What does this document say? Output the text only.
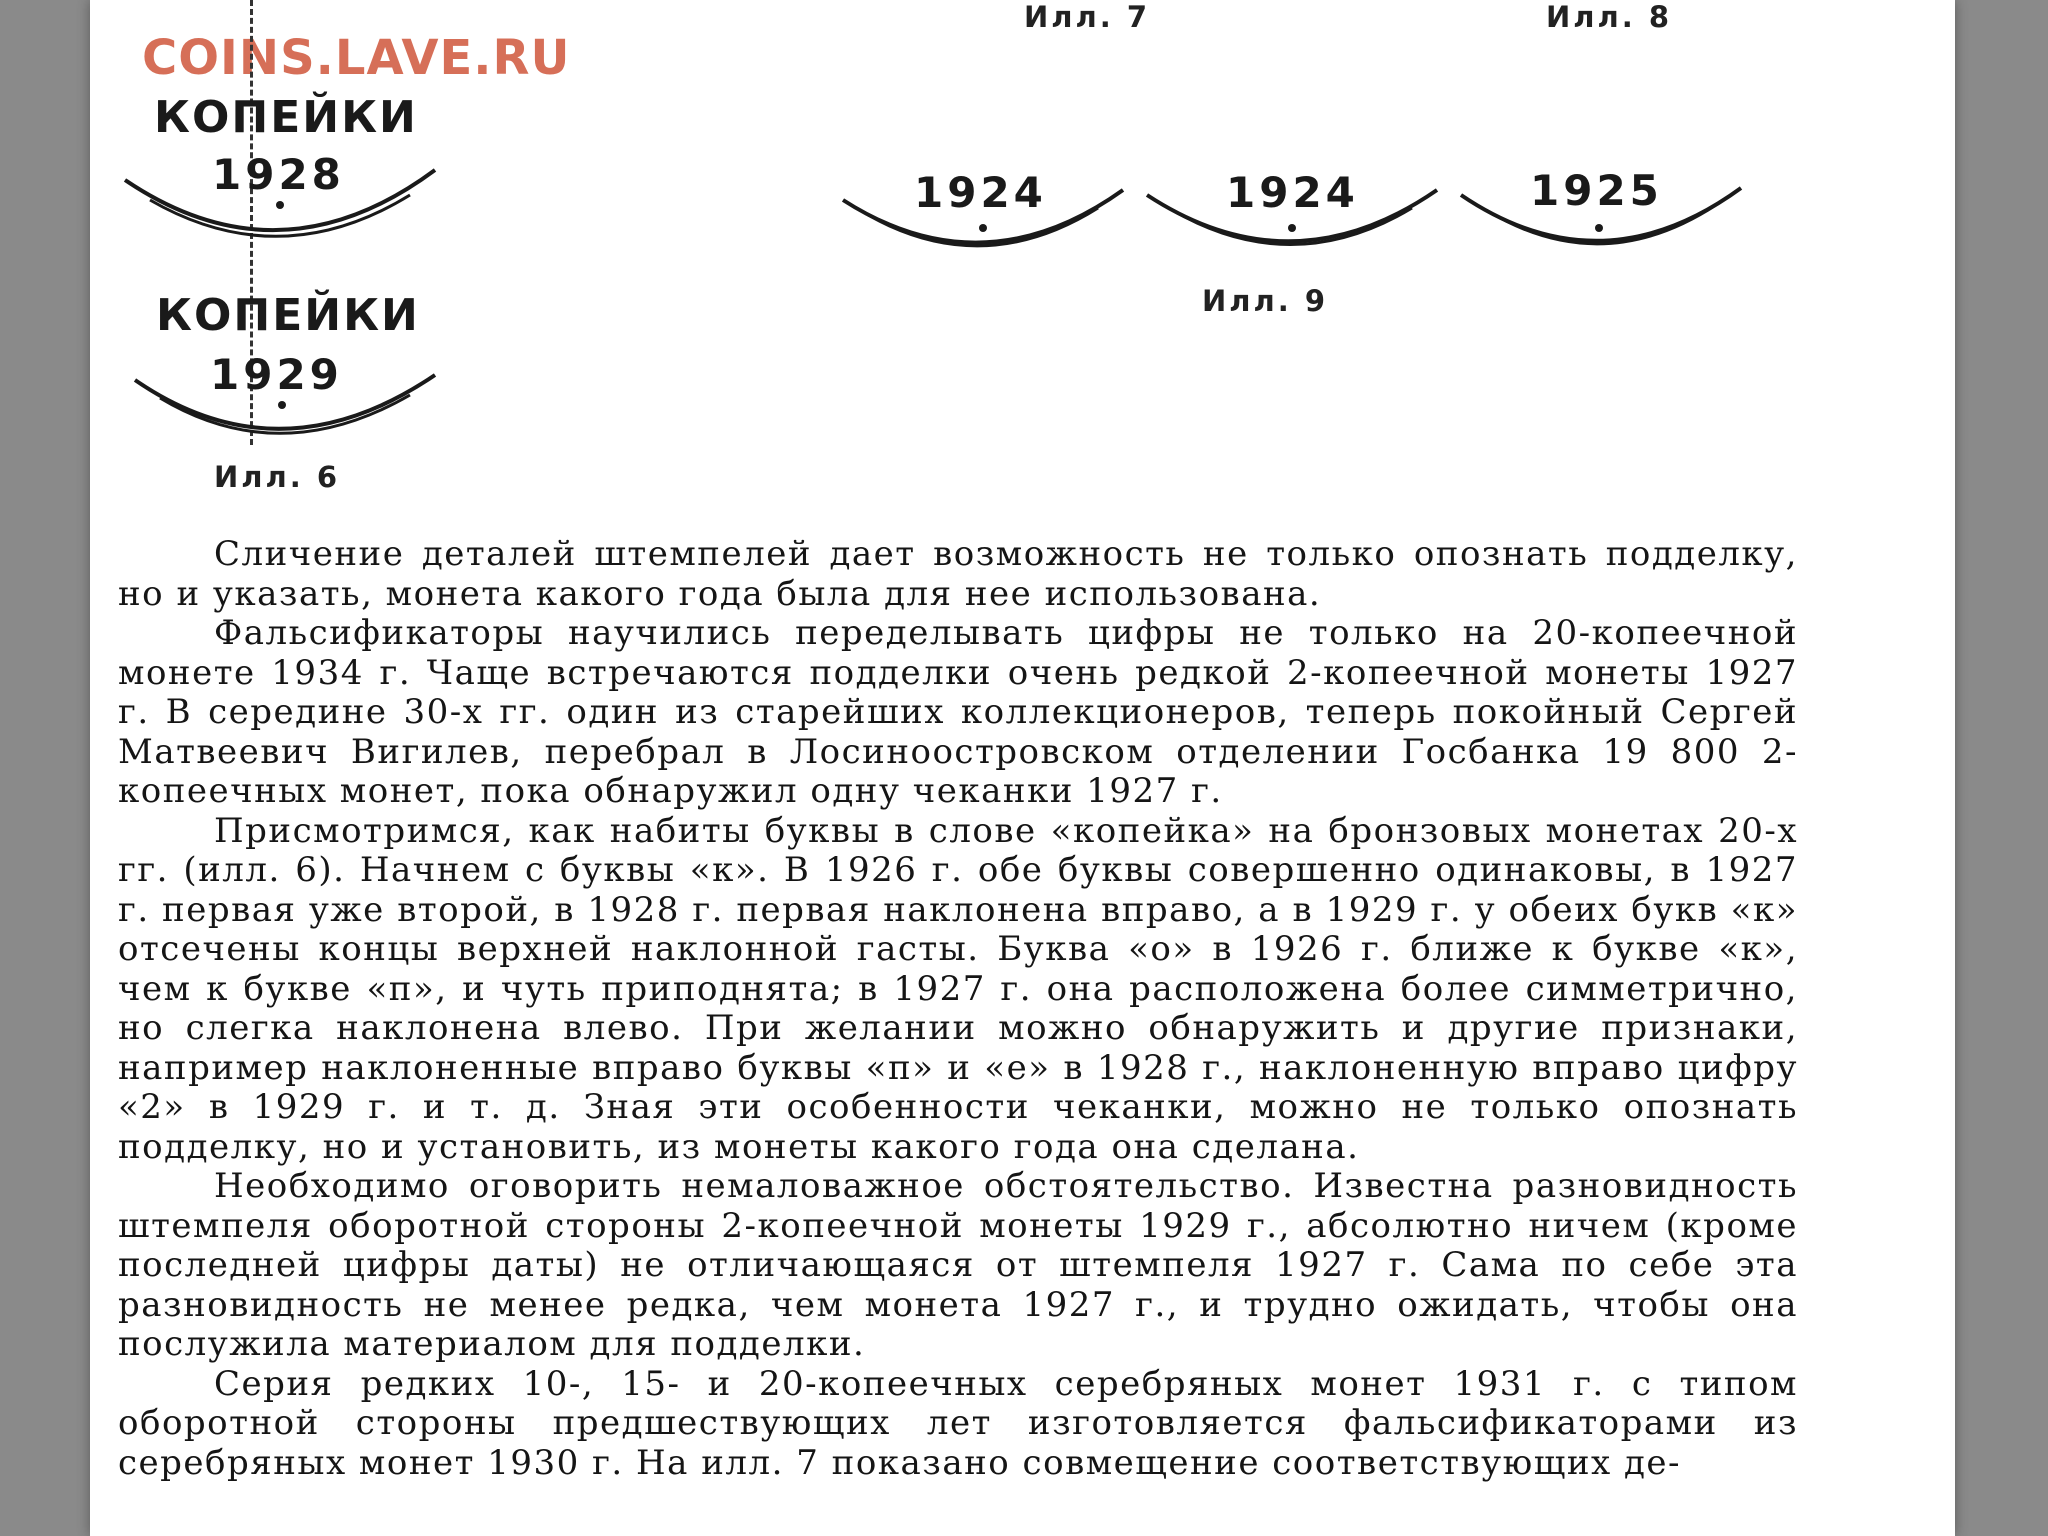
COINS.LAVE.RU
КОПЕЙКИ
1928
КОПЕЙКИ
1929
Илл. 6
Илл. 7	Илл. 8
1924	1924	1925
Илл. 9

Сличение деталей штемпелей дает возможность не только опознать подделку, но и указать, монета какого года была для нее использована.

Фальсификаторы научились переделывать цифры не только на 20-копеечной монете 1934 г. Чаще встречаются подделки очень редкой 2-копеечной монеты 1927 г. В середине 30-х гг. один из старейших коллекционеров, теперь покойный Сергей Матвеевич Вигилев, перебрал в Лосиноостровском отделении Госбанка 19 800 2-копеечных монет, пока обнаружил одну чеканки 1927 г.

Присмотримся, как набиты буквы в слове «копейка» на бронзовых монетах 20-х гг. (илл. 6). Начнем с буквы «к». В 1926 г. обе буквы совершенно одинаковы, в 1927 г. первая уже второй, в 1928 г. первая наклонена вправо, а в 1929 г. у обеих букв «к» отсечены концы верхней наклонной гасты. Буква «о» в 1926 г. ближе к букве «к», чем к букве «п», и чуть приподнята; в 1927 г. она расположена более симметрично, но слегка наклонена влево. При желании можно обнаружить и другие признаки, например наклоненные вправо буквы «п» и «е» в 1928 г., наклоненную вправо цифру «2» в 1929 г. и т. д. Зная эти особенности чеканки, можно не только опознать подделку, но и установить, из монеты какого года она сделана.

Необходимо оговорить немаловажное обстоятельство. Известна разновидность штемпеля оборотной стороны 2-копеечной монеты 1929 г., абсолютно ничем (кроме последней цифры даты) не отличающаяся от штемпеля 1927 г. Сама по себе эта разновидность не менее редка, чем монета 1927 г., и трудно ожидать, чтобы она послужила материалом для подделки.

Серия редких 10-, 15- и 20-копеечных серебряных монет 1931 г. с типом оборотной стороны предшествующих лет изготовляется фальсификаторами из серебряных монет 1930 г. На илл. 7 показано совмещение соответствующих де-
